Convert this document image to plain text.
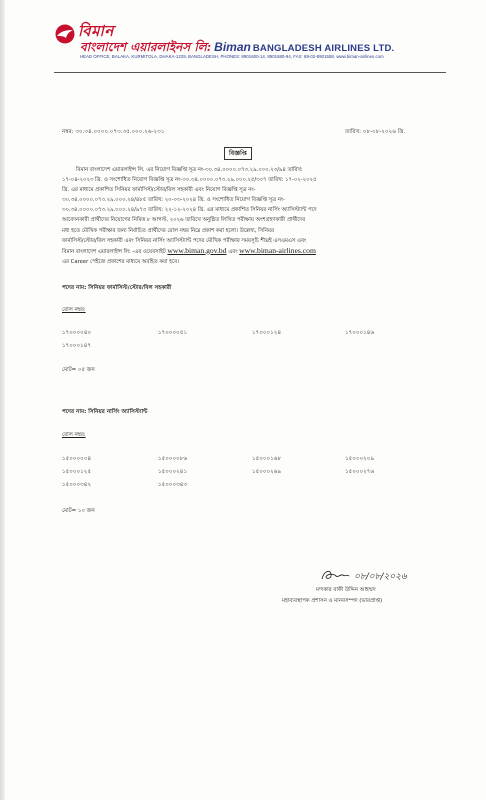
বিমান
বাংলাদেশ এয়ারলাইনস লি: Biman BANGLADESH AIRLINES LTD.
HEAD OFFICE, BALAKA, KURMITOLA, DHAKA-1229, BANGLADESH, PHONES: 8901600-14, 8901680-94, FAX: 88-02-8901558, www.biman-airlines.com
নম্বর: ৩০.৩৪.০০০০.০৭৩.৩৫.০০০.২৬-২৩১	তারিখ: ০৮-০৮-২০২৬ খ্রি.
বিজ্ঞপ্তি
বিমান বাংলাদেশ এয়ারলাইন্স লি. এর নিয়োগ বিজ্ঞপ্তি সূত্র নং-৩০.৩৪.০০০০.০৭৩.২৯.০০০.২৩/৯৪ তারিখ:
১৭-০৪-২০২৩ খ্রি. ও সংশোধিত নিয়োগ বিজ্ঞপ্তি সূত্র নং-৩০.৩৪.০০০০.০৭৩.২৯.০০০.২৫/৩০৭ তারিখ: ১৭-০২-২০২৫
খ্রি. এর মাধ্যমে প্রকাশিত সিনিয়র ফার্মাসিস্ট/স্টোর/বিল সহকারী এবং নিয়োগ বিজ্ঞপ্তি সূত্র নং-
৩০.৩৪.০০০০.০৭৩.২৯.০০০.২৪/৪৮৫ তারিখ: ২০-০৩-২০২৪ খ্রি. ও সংশোধিত নিয়োগ বিজ্ঞপ্তি সূত্র নং-
৩০.৩৪.০০০০.০৭৩.২৯.০০০.২৪/৯৭৩ তারিখ: ২২-১২-২০২৪ খ্রি. এর মাধ্যমে প্রকাশিত সিনিয়র নার্সিং অ্যাসিস্ট্যান্ট পদে
আবেদনকারী প্রার্থীদের নিয়োগের নিমিত্ত ৮ আগস্ট, ২০২৬ তারিখে অনুষ্ঠিত লিখিত পরীক্ষায় অংশগ্রহণকারী প্রার্থীদের
মধ্য হতে মৌখিক পরীক্ষার জন্য নির্বাচিত প্রার্থীদের রোল নম্বর নিম্নে প্রকাশ করা হলো। উল্লেখ্য, সিনিয়র
ফার্মাসিস্ট/স্টোর/বিল সহকারী এবং সিনিয়র নার্সিং অ্যাসিস্ট্যান্ট পদের মৌখিক পরীক্ষার সময়সূচি শীঘ্রই এসএমএস এবং
বিমান বাংলাদেশ এয়ারলাইন্স লি: -এর ওয়েবসাইট www.biman.gov.bd এবং www.biman-airlines.com
এর Career পেইজে প্রকাশের মাধ্যমে অবহিত করা হবে।
পদের নাম: সিনিয়র ফার্মাসিস্ট/স্টোর/বিল সহকারী
রোল নম্বর:
১৭০০০০৪০	১৭০০০০৫১	১৭০০০১২৪	১৭০০০১৪৬
১৭০০০১৪৭
মোট= ০৫ জন
পদের নাম: সিনিয়র নার্সিং অ্যাসিস্ট্যান্ট
রোল নম্বর:
১৫০০০০০৪	১৫০০০০৮৬	১৫০০০১৬৮	১৫০০০২০৯
১৫০০০১২৫	১৫০০০২৪১	১৫০০০২৬৯	১৫০০০২৭৬
১৫০০০৩৪২	১৫০০০৩৪৩
মোট= ১০ জন
০৮/০৮/২০২৬
মন্দকার বাকী উদ্দিন আহম্মদ
মহাব্যবস্থাপক প্রশাসন ও মানবসম্পদ (ভারপ্রাপ্ত)
